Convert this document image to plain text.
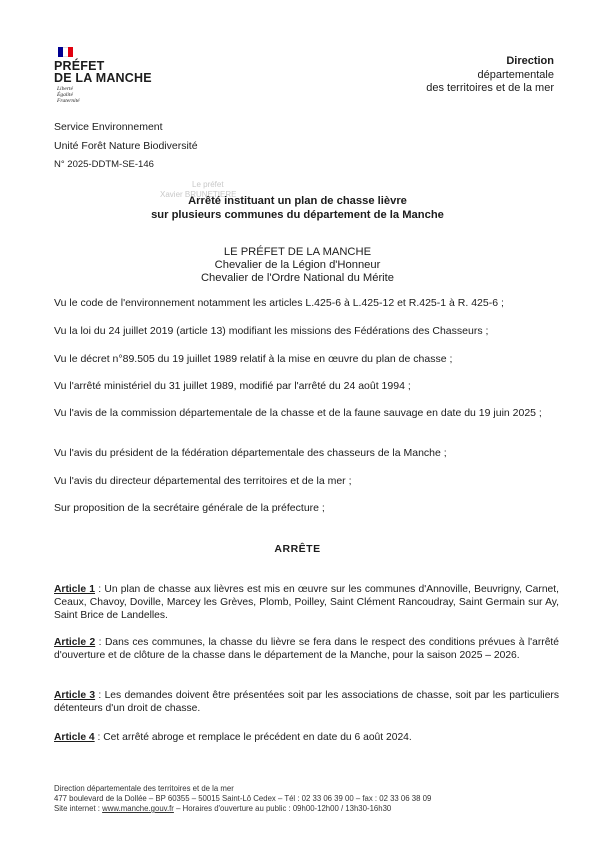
PRÉFET
DE LA MANCHE
Liberté
Égalité
Fraternité
Direction
départementale
des territoires et de la mer
Service Environnement
Unité Forêt Nature Biodiversité
N° 2025-DDTM-SE-146
Le préfet
Xavier BRUNETIERE
Arrêté instituant un plan de chasse lièvre
sur plusieurs communes du département de la Manche
LE PRÉFET DE LA MANCHE
Chevalier de la Légion d'Honneur
Chevalier de l'Ordre National du Mérite
Vu le code de l'environnement notamment les articles L.425-6 à L.425-12 et R.425-1 à R. 425-6 ;
Vu la loi du 24 juillet 2019 (article 13) modifiant les missions des Fédérations des Chasseurs ;
Vu le décret n°89.505 du 19 juillet 1989 relatif à la mise en œuvre du plan de chasse ;
Vu l'arrêté ministériel du 31 juillet 1989, modifié par l'arrêté du 24 août 1994 ;
Vu l'avis de la commission départementale de la chasse et de la faune sauvage en date du 19 juin 2025 ;
Vu l'avis du président de la fédération départementale des chasseurs de la Manche ;
Vu l'avis du directeur départemental des territoires et de la mer ;
Sur proposition de la secrétaire générale de la préfecture ;
ARRÊTE
Article 1 : Un plan de chasse aux lièvres est mis en œuvre sur les communes d'Annoville, Beuvrigny, Carnet, Ceaux, Chavoy, Doville, Marcey les Grèves, Plomb, Poilley, Saint Clément Rancoudray, Saint Germain sur Ay, Saint Brice de Landelles.
Article 2 : Dans ces communes, la chasse du lièvre se fera dans le respect des conditions prévues à l'arrêté d'ouverture et de clôture de la chasse dans le département de la Manche, pour la saison 2025 – 2026.
Article 3 : Les demandes doivent être présentées soit par les associations de chasse, soit par les particuliers détenteurs d'un droit de chasse.
Article 4 : Cet arrêté abroge et remplace le précédent en date du 6 août 2024.
Direction départementale des territoires et de la mer
477 boulevard de la Dollée – BP 60355 – 50015 Saint-Lô Cedex – Tél : 02 33 06 39 00 – fax : 02 33 06 38 09
Site internet : www.manche.gouv.fr – Horaires d'ouverture au public : 09h00-12h00 / 13h30-16h30
